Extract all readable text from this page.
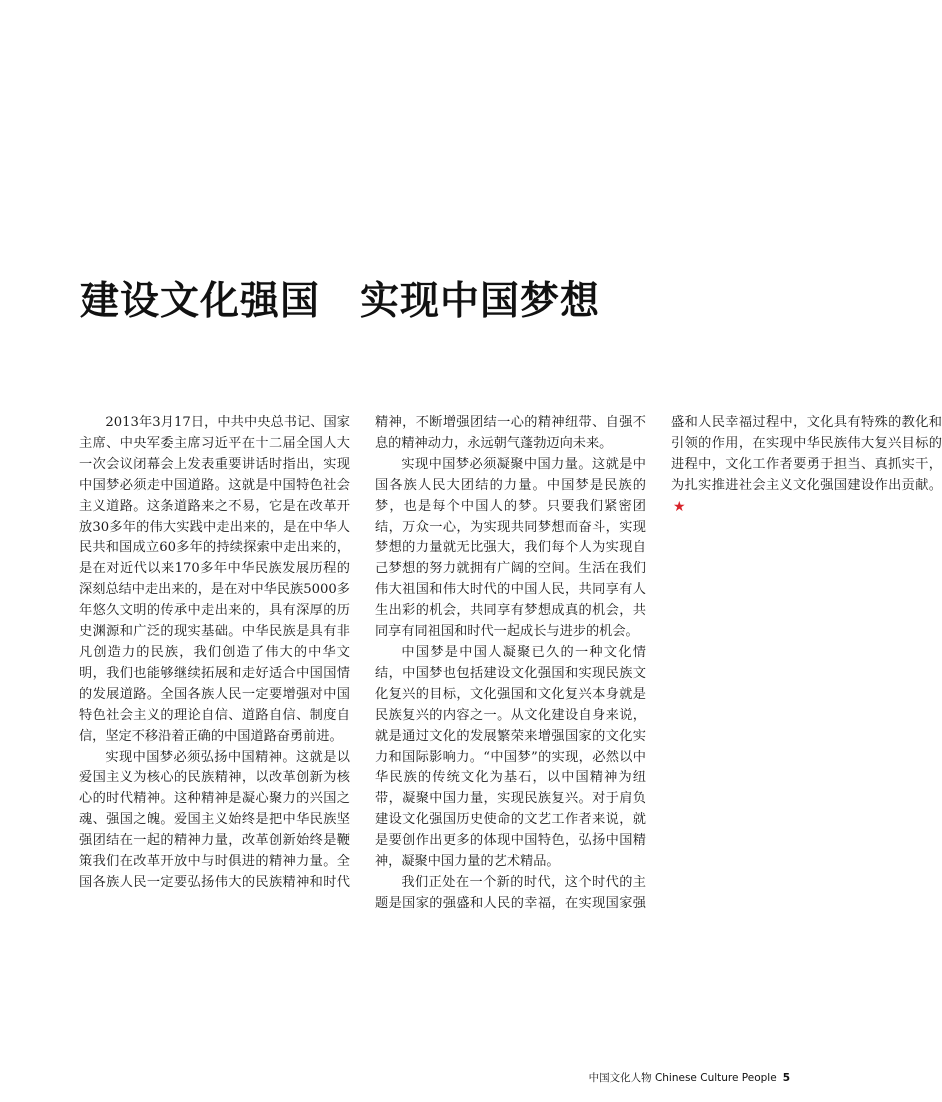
建设文化强国　实现中国梦想

2013年3月17日，中共中央总书记、国家主席、中央军委主席习近平在十二届全国人大一次会议闭幕会上发表重要讲话时指出，实现中国梦必须走中国道路。这就是中国特色社会主义道路。这条道路来之不易，它是在改革开放30多年的伟大实践中走出来的，是在中华人民共和国成立60多年的持续探索中走出来的，是在对近代以来170多年中华民族发展历程的深刻总结中走出来的，是在对中华民族5000多年悠久文明的传承中走出来的，具有深厚的历史渊源和广泛的现实基础。中华民族是具有非凡创造力的民族，我们创造了伟大的中华文明，我们也能够继续拓展和走好适合中国国情的发展道路。全国各族人民一定要增强对中国特色社会主义的理论自信、道路自信、制度自信，坚定不移沿着正确的中国道路奋勇前进。

实现中国梦必须弘扬中国精神。这就是以爱国主义为核心的民族精神，以改革创新为核心的时代精神。这种精神是凝心聚力的兴国之魂、强国之魄。爱国主义始终是把中华民族坚强团结在一起的精神力量，改革创新始终是鞭策我们在改革开放中与时俱进的精神力量。全国各族人民一定要弘扬伟大的民族精神和时代精神，不断增强团结一心的精神纽带、自强不息的精神动力，永远朝气蓬勃迈向未来。

实现中国梦必须凝聚中国力量。这就是中国各族人民大团结的力量。中国梦是民族的梦，也是每个中国人的梦。只要我们紧密团结，万众一心，为实现共同梦想而奋斗，实现梦想的力量就无比强大，我们每个人为实现自己梦想的努力就拥有广阔的空间。生活在我们伟大祖国和伟大时代的中国人民，共同享有人生出彩的机会，共同享有梦想成真的机会，共同享有同祖国和时代一起成长与进步的机会。

中国梦是中国人凝聚已久的一种文化情结，中国梦也包括建设文化强国和实现民族文化复兴的目标，文化强国和文化复兴本身就是民族复兴的内容之一。从文化建设自身来说，就是通过文化的发展繁荣来增强国家的文化实力和国际影响力。“中国梦”的实现，必然以中华民族的传统文化为基石，以中国精神为纽带，凝聚中国力量，实现民族复兴。对于肩负建设文化强国历史使命的文艺工作者来说，就是要创作出更多的体现中国特色，弘扬中国精神，凝聚中国力量的艺术精品。

我们正处在一个新的时代，这个时代的主题是国家的强盛和人民的幸福，在实现国家强盛和人民幸福过程中，文化具有特殊的教化和引领的作用，在实现中华民族伟大复兴目标的进程中，文化工作者要勇于担当、真抓实干，为扎实推进社会主义文化强国建设作出贡献。★

中国文化人物 Chinese Culture People 5
